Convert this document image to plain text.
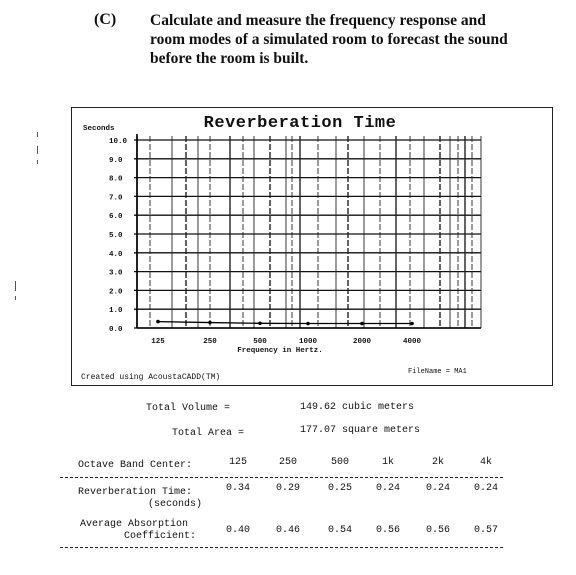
(C) Calculate and measure the frequency response and room modes of a simulated room to forecast the sound before the room is built.
Reverberation Time
Seconds
Frequency in Hertz.
Created using AcoustaCADD(TM)
FileName = MA1
0.0
1.0
2.0
3.0
4.0
5.0
6.0
7.0
8.0
9.0
10.0
125	250	500	1000	2000	4000
Total Volume =	149.62 cubic meters
Total Area =	177.07 square meters
Octave Band Center:	125	250	500	1k	2k	4k
Reverberation Time:
(seconds)
0.34	0.29	0.25	0.24	0.24	0.24
Average Absorption
Coefficient:
0.40	0.46	0.54	0.56	0.56	0.57
